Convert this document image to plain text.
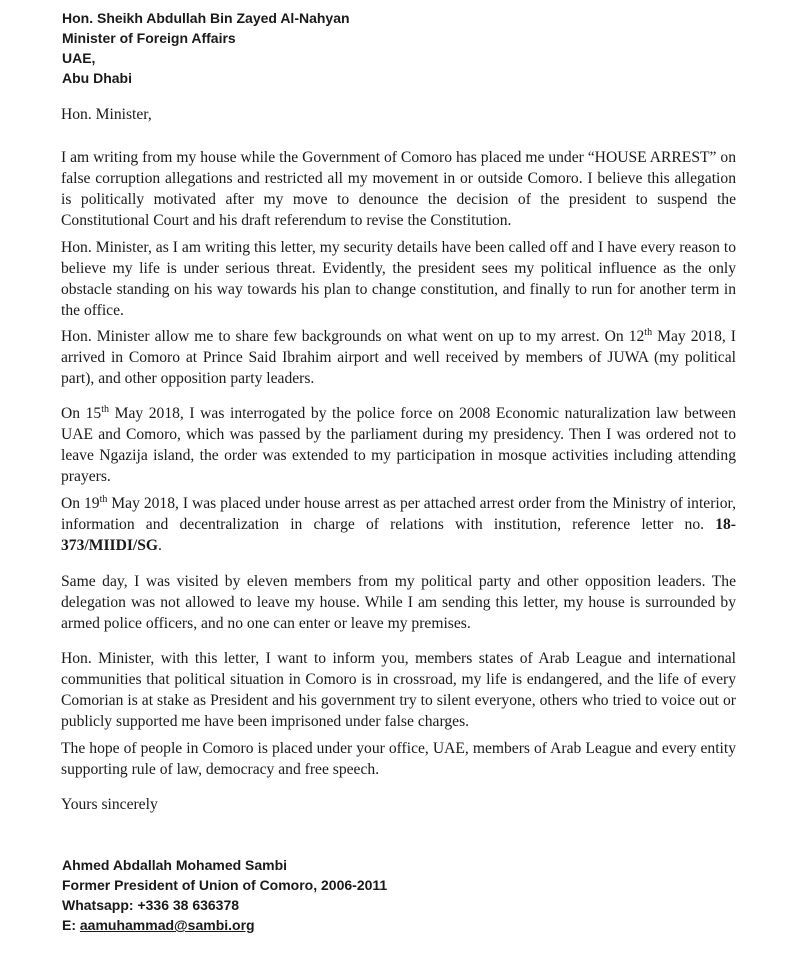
Hon. Sheikh Abdullah Bin Zayed Al-Nahyan
Minister of Foreign Affairs
UAE,
Abu Dhabi
Hon. Minister,

I am writing from my house while the Government of Comoro has placed me under “HOUSE ARREST” on false corruption allegations and restricted all my movement in or outside Comoro. I believe this allegation is politically motivated after my move to denounce the decision of the president to suspend the Constitutional Court and his draft referendum to revise the Constitution.

Hon. Minister, as I am writing this letter, my security details have been called off and I have every reason to believe my life is under serious threat. Evidently, the president sees my political influence as the only obstacle standing on his way towards his plan to change constitution, and finally to run for another term in the office.

Hon. Minister allow me to share few backgrounds on what went on up to my arrest. On 12th May 2018, I arrived in Comoro at Prince Said Ibrahim airport and well received by members of JUWA (my political part), and other opposition party leaders.

On 15th May 2018, I was interrogated by the police force on 2008 Economic naturalization law between UAE and Comoro, which was passed by the parliament during my presidency. Then I was ordered not to leave Ngazija island, the order was extended to my participation in mosque activities including attending prayers.

On 19th May 2018, I was placed under house arrest as per attached arrest order from the Ministry of interior, information and decentralization in charge of relations with institution, reference letter no. 18-373/MIIDI/SG.

Same day, I was visited by eleven members from my political party and other opposition leaders. The delegation was not allowed to leave my house. While I am sending this letter, my house is surrounded by armed police officers, and no one can enter or leave my premises.

Hon. Minister, with this letter, I want to inform you, members states of Arab League and international communities that political situation in Comoro is in crossroad, my life is endangered, and the life of every Comorian is at stake as President and his government try to silent everyone, others who tried to voice out or publicly supported me have been imprisoned under false charges.

The hope of people in Comoro is placed under your office, UAE, members of Arab League and every entity supporting rule of law, democracy and free speech.

Yours sincerely
Ahmed Abdallah Mohamed Sambi
Former President of Union of Comoro, 2006-2011
Whatsapp: +336 38 636378
E: aamuhammad@sambi.org
